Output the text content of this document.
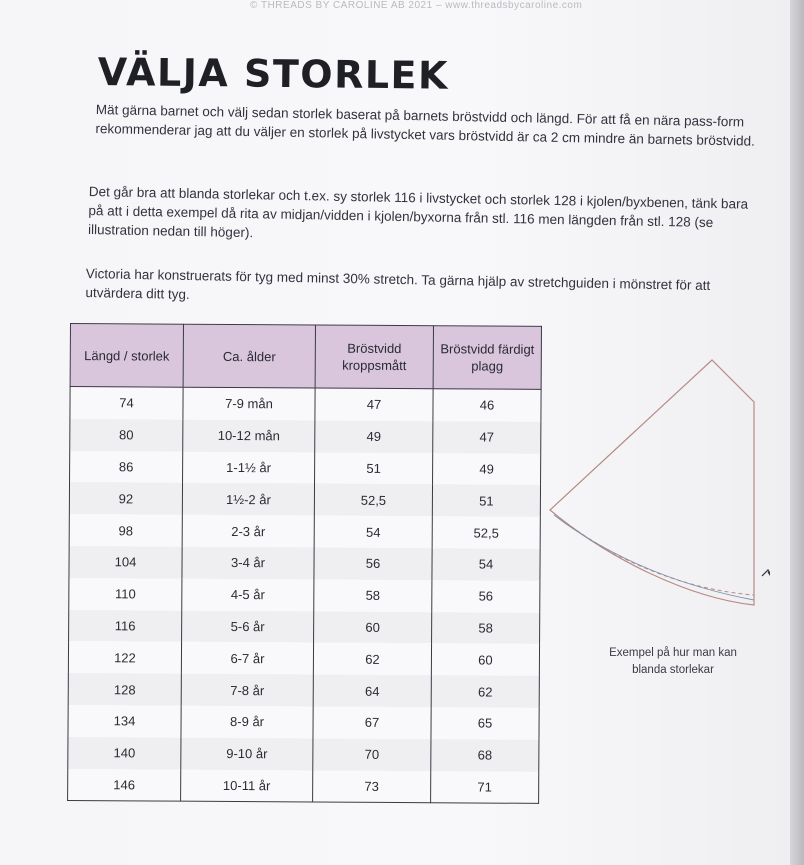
© THREADS BY CAROLINE AB 2021 – www.threadsbycaroline.com
VÄLJA STORLEK
Mät gärna barnet och välj sedan storlek baserat på barnets bröstvidd och längd. För att få en nära pass-form rekommenderar jag att du väljer en storlek på livstycket vars bröstvidd är ca 2 cm mindre än barnets bröstvidd.
Det går bra att blanda storlekar och t.ex. sy storlek 116 i livstycket och storlek 128 i kjolen/byxbenen, tänk bara på att i detta exempel då rita av midjan/vidden i kjolen/byxorna från stl. 116 men längden från stl. 128 (se illustration nedan till höger).
Victoria har konstruerats för tyg med minst 30% stretch. Ta gärna hjälp av stretchguiden i mönstret för att utvärdera ditt tyg.
Längd / storlek	Ca. ålder	Bröstvidd kroppsmått	Bröstvidd färdigt plagg
74	7-9 mån	47	46
80	10-12 mån	49	47
86	1-1½ år	51	49
92	1½-2 år	52,5	51
98	2-3 år	54	52,5
104	3-4 år	56	54
110	4-5 år	58	56
116	5-6 år	60	58
122	6-7 år	62	60
128	7-8 år	64	62
134	8-9 år	67	65
140	9-10 år	70	68
146	10-11 år	73	71
Exempel på hur man kan blanda storlekar
